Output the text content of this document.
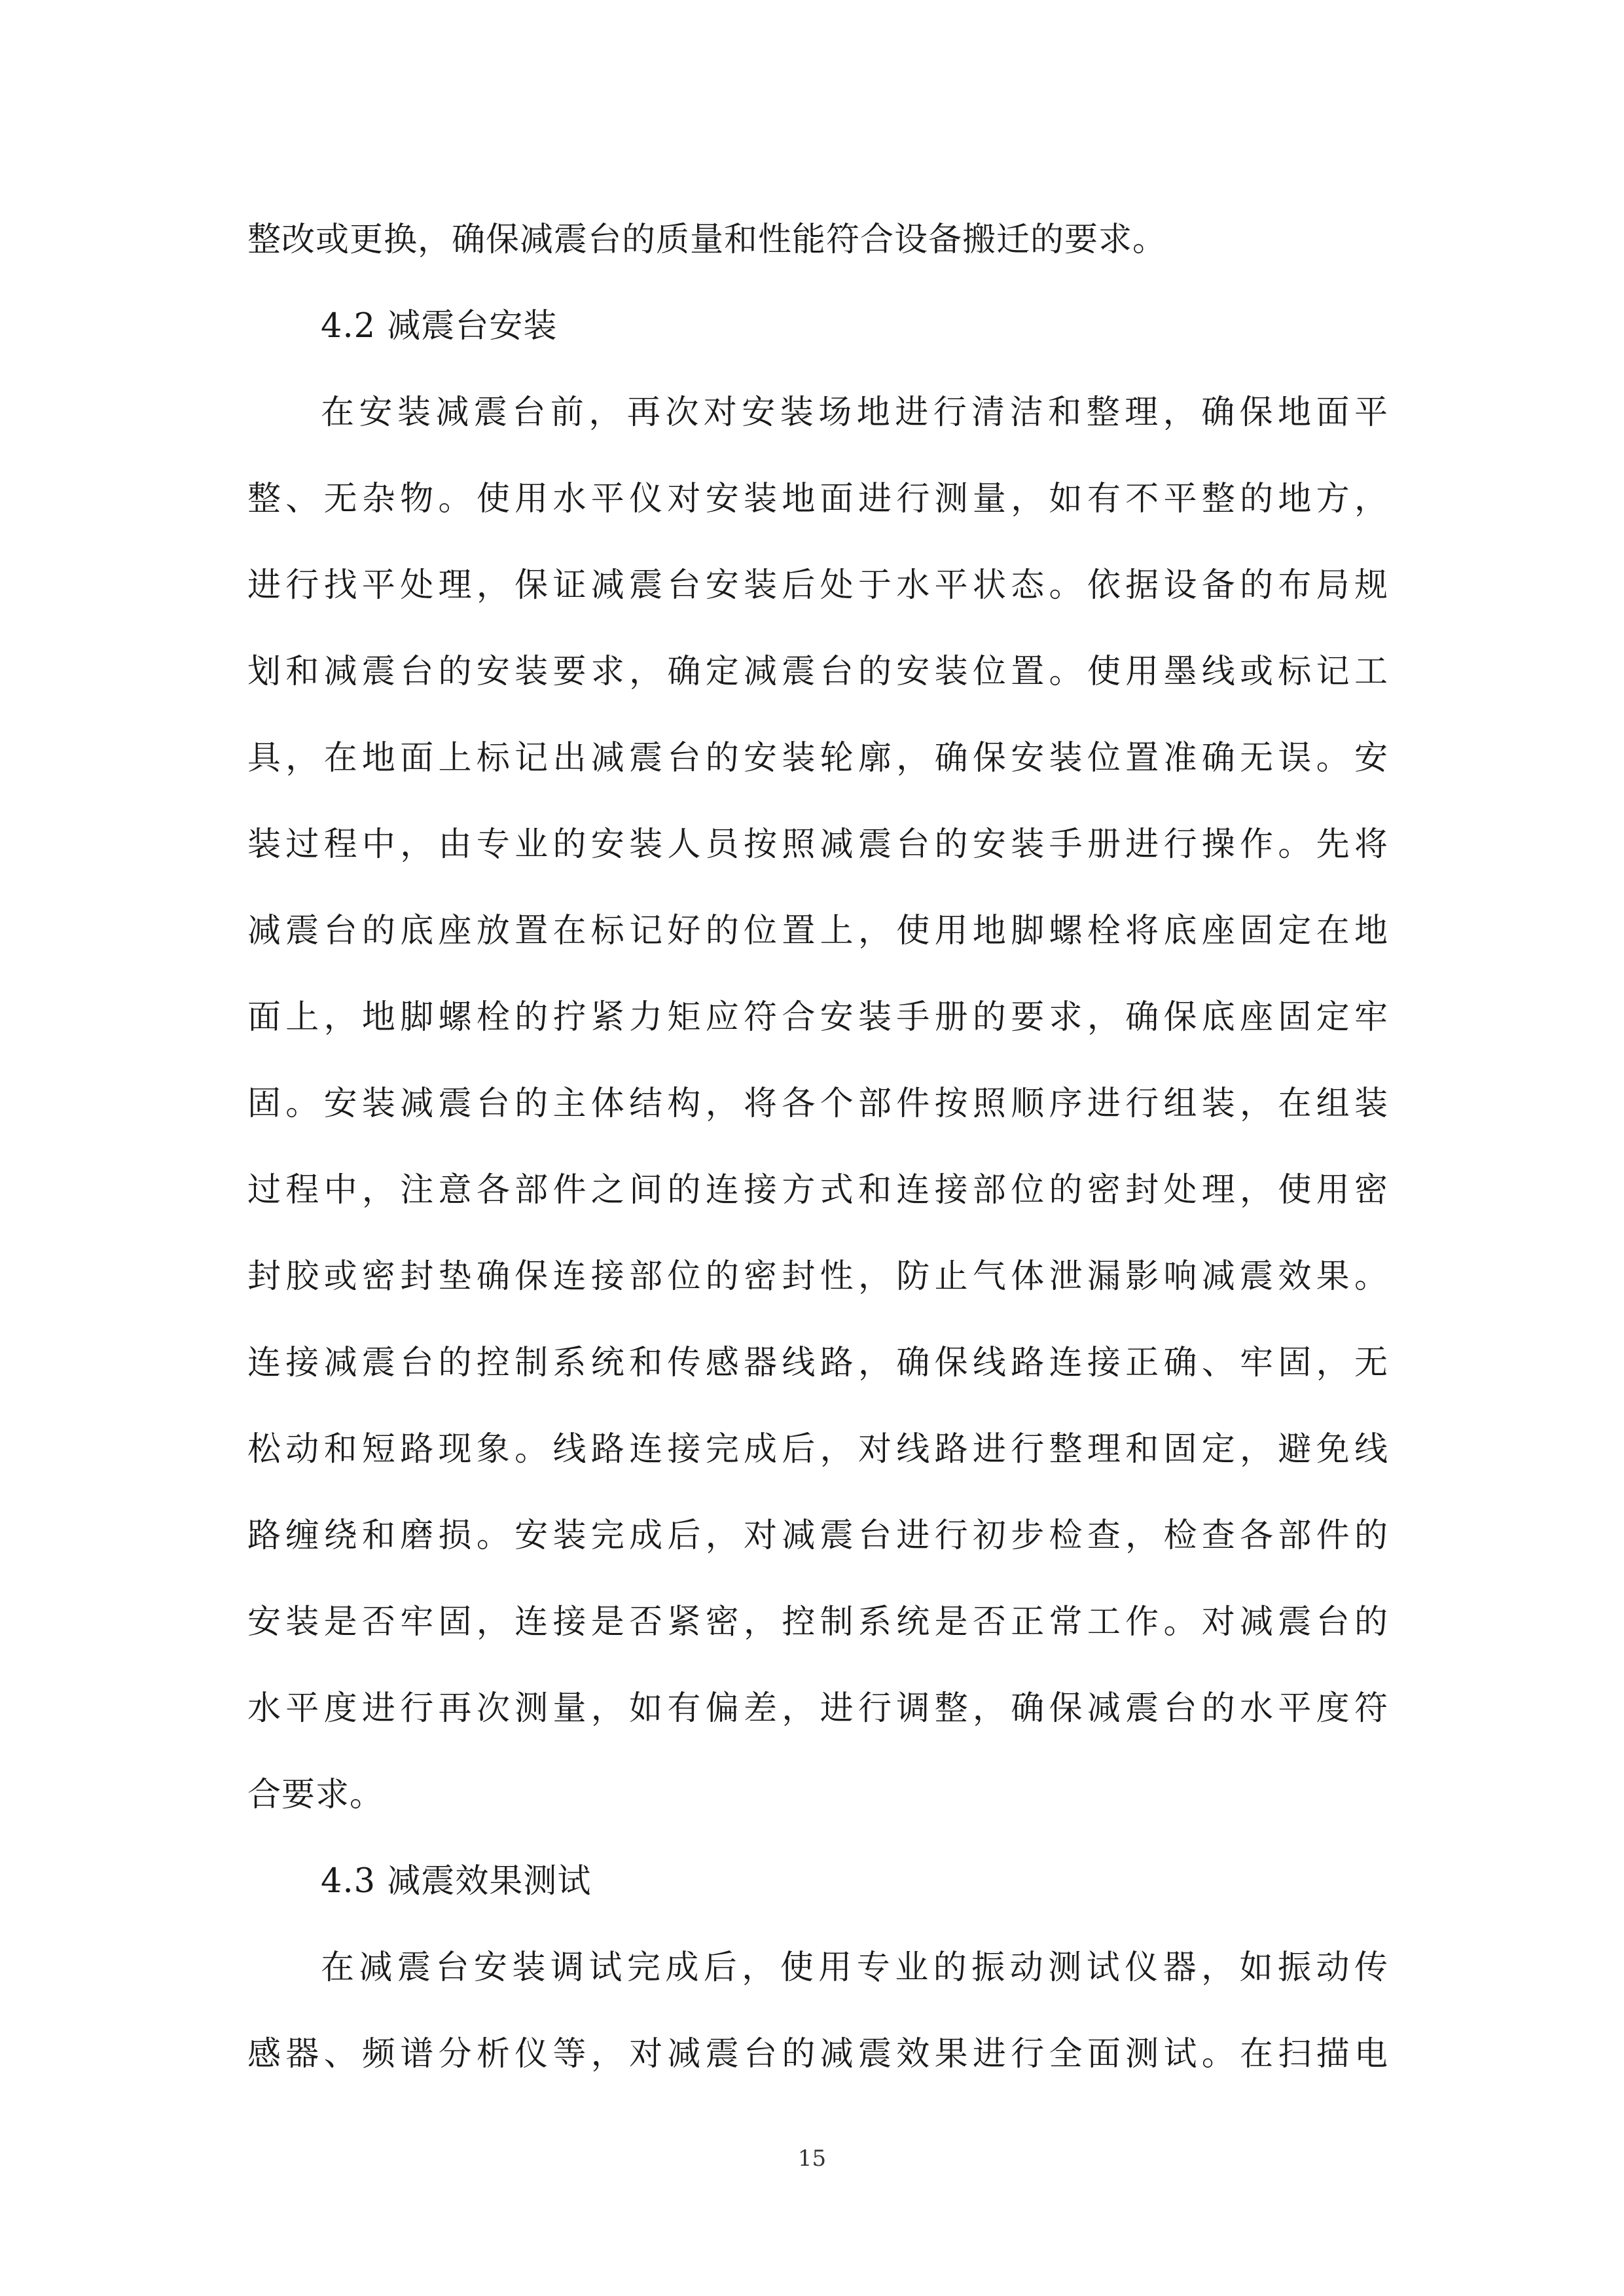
整改或更换，确保减震台的质量和性能符合设备搬迁的要求。
4.2 减震台安装
在安装减震台前，再次对安装场地进行清洁和整理，确保地面平
整、无杂物。使用水平仪对安装地面进行测量，如有不平整的地方，
进行找平处理，保证减震台安装后处于水平状态。依据设备的布局规
划和减震台的安装要求，确定减震台的安装位置。使用墨线或标记工
具，在地面上标记出减震台的安装轮廓，确保安装位置准确无误。安
装过程中，由专业的安装人员按照减震台的安装手册进行操作。先将
减震台的底座放置在标记好的位置上，使用地脚螺栓将底座固定在地
面上，地脚螺栓的拧紧力矩应符合安装手册的要求，确保底座固定牢
固。安装减震台的主体结构，将各个部件按照顺序进行组装，在组装
过程中，注意各部件之间的连接方式和连接部位的密封处理，使用密
封胶或密封垫确保连接部位的密封性，防止气体泄漏影响减震效果。
连接减震台的控制系统和传感器线路，确保线路连接正确、牢固，无
松动和短路现象。线路连接完成后，对线路进行整理和固定，避免线
路缠绕和磨损。安装完成后，对减震台进行初步检查，检查各部件的
安装是否牢固，连接是否紧密，控制系统是否正常工作。对减震台的
水平度进行再次测量，如有偏差，进行调整，确保减震台的水平度符
合要求。
4.3 减震效果测试
在减震台安装调试完成后，使用专业的振动测试仪器，如振动传
感器、频谱分析仪等，对减震台的减震效果进行全面测试。在扫描电
15
